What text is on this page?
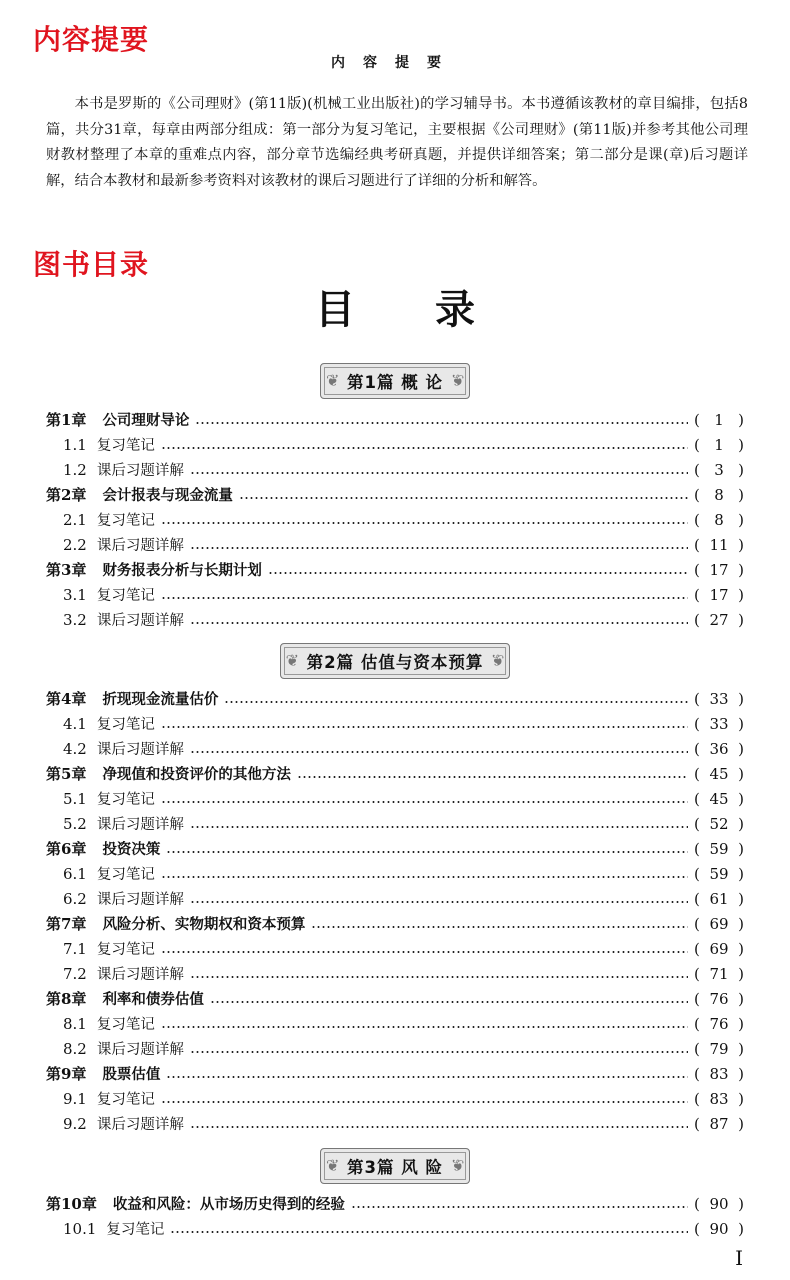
内容提要
内容提要

本书是罗斯的《公司理财》(第11版)(机械工业出版社)的学习辅导书。本书遵循该教材的章目编排，包括8篇，共分31章，每章由两部分组成：第一部分为复习笔记，主要根据《公司理财》(第11版)并参考其他公司理财教材整理了本章的重难点内容，部分章节选编经典考研真题，并提供详细答案；第二部分是课(章)后习题详解，结合本教材和最新参考资料对该教材的课后习题进行了详细的分析和解答。

图书目录
目录
❦ 第1篇 概 论 ❦
❦ 第2篇 估值与资本预算 ❦
❦ 第3篇 风 险 ❦
第1章 公司理财导论	( 1 )
1.1 复习笔记	( 1 )
1.2 课后习题详解	( 3 )
第2章 会计报表与现金流量	( 8 )
2.1 复习笔记	( 8 )
2.2 课后习题详解	( 11 )
第3章 财务报表分析与长期计划	( 17 )
3.1 复习笔记	( 17 )
3.2 课后习题详解	( 27 )
第4章 折现现金流量估价	( 33 )
4.1 复习笔记	( 33 )
4.2 课后习题详解	( 36 )
第5章 净现值和投资评价的其他方法	( 45 )
5.1 复习笔记	( 45 )
5.2 课后习题详解	( 52 )
第6章 投资决策	( 59 )
6.1 复习笔记	( 59 )
6.2 课后习题详解	( 61 )
第7章 风险分析、实物期权和资本预算	( 69 )
7.1 复习笔记	( 69 )
7.2 课后习题详解	( 71 )
第8章 利率和债券估值	( 76 )
8.1 复习笔记	( 76 )
8.2 课后习题详解	( 79 )
第9章 股票估值	( 83 )
9.1 复习笔记	( 83 )
9.2 课后习题详解	( 87 )
第10章 收益和风险：从市场历史得到的经验	( 90 )
10.1 复习笔记	( 90 )
I
